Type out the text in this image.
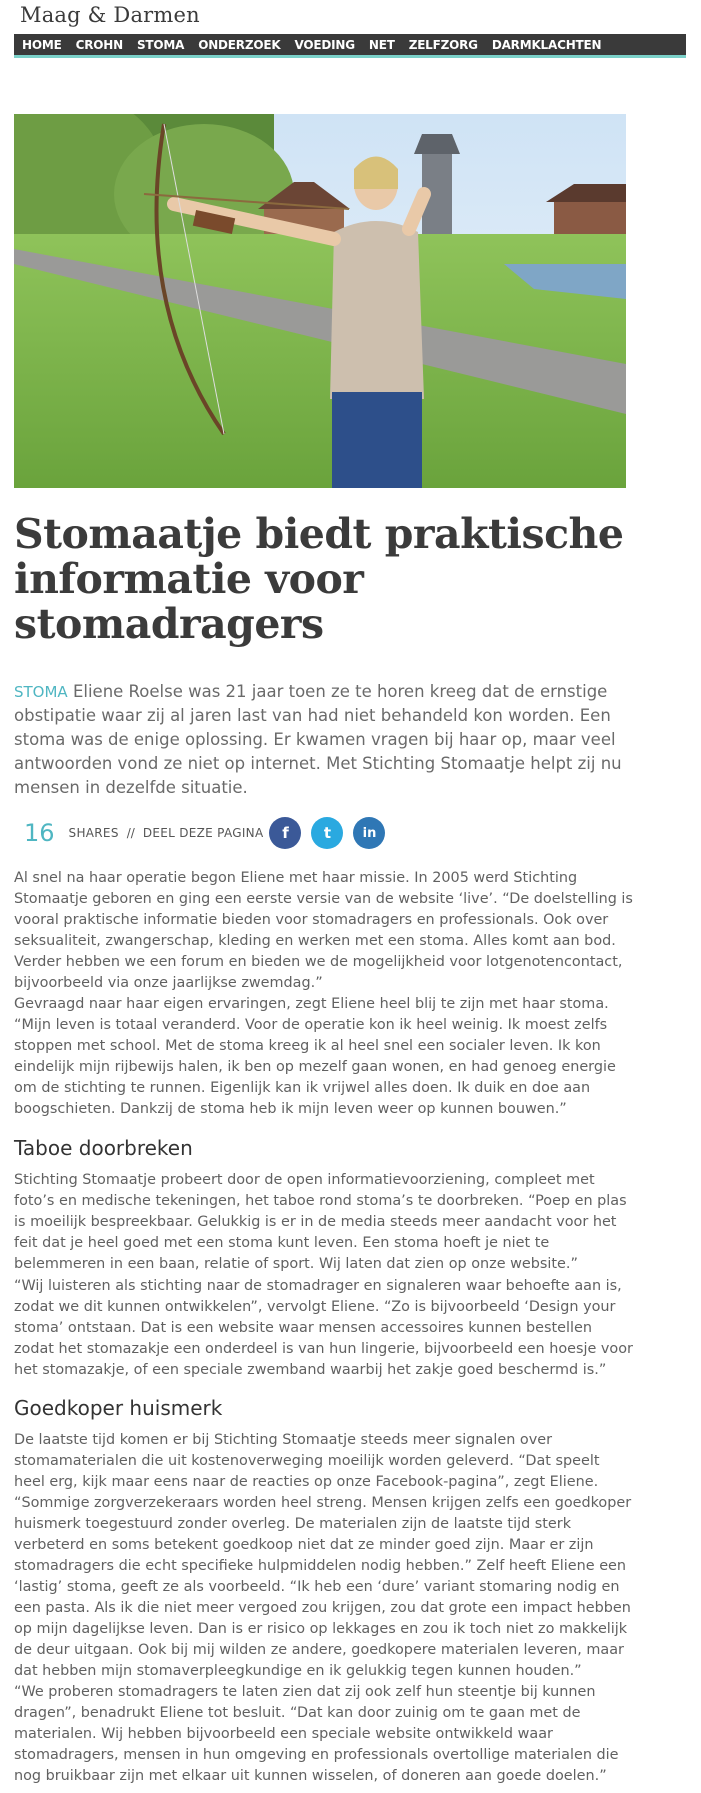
Maag & Darmen
HOME CROHN STOMA ONDERZOEK VOEDING NET ZELFZORG DARMKLACHTEN
Stomaatje biedt praktische informatie voor stomadragers

STOMA Eliene Roelse was 21 jaar toen ze te horen kreeg dat de ernstige obstipatie waar zij al jaren last van had niet behandeld kon worden. Een stoma was de enige oplossing. Er kwamen vragen bij haar op, maar veel antwoorden vond ze niet op internet. Met Stichting Stomaatje helpt zij nu mensen in dezelfde situatie.

16 SHARES // DEEL DEZE PAGINA f t in

Al snel na haar operatie begon Eliene met haar missie. In 2005 werd Stichting Stomaatje geboren en ging een eerste versie van de website ‘live’. “De doelstelling is vooral praktische informatie bieden voor stomadragers en professionals. Ook over seksualiteit, zwangerschap, kleding en werken met een stoma. Alles komt aan bod. Verder hebben we een forum en bieden we de mogelijkheid voor lotgenotencontact, bijvoorbeeld via onze jaarlijkse zwemdag.”

Gevraagd naar haar eigen ervaringen, zegt Eliene heel blij te zijn met haar stoma. “Mijn leven is totaal veranderd. Voor de operatie kon ik heel weinig. Ik moest zelfs stoppen met school. Met de stoma kreeg ik al heel snel een socialer leven. Ik kon eindelijk mijn rijbewijs halen, ik ben op mezelf gaan wonen, en had genoeg energie om de stichting te runnen. Eigenlijk kan ik vrijwel alles doen. Ik duik en doe aan boogschieten. Dankzij de stoma heb ik mijn leven weer op kunnen bouwen.”

Taboe doorbreken

Stichting Stomaatje probeert door de open informatievoorziening, compleet met foto’s en medische tekeningen, het taboe rond stoma’s te doorbreken. “Poep en plas is moeilijk bespreekbaar. Gelukkig is er in de media steeds meer aandacht voor het feit dat je heel goed met een stoma kunt leven. Een stoma hoeft je niet te belemmeren in een baan, relatie of sport. Wij laten dat zien op onze website.”

“Wij luisteren als stichting naar de stomadrager en signaleren waar behoefte aan is, zodat we dit kunnen ontwikkelen”, vervolgt Eliene. “Zo is bijvoorbeeld ‘Design your stoma’ ontstaan. Dat is een website waar mensen accessoires kunnen bestellen zodat het stomazakje een onderdeel is van hun lingerie, bijvoorbeeld een hoesje voor het stomazakje, of een speciale zwemband waarbij het zakje goed beschermd is.”

Goedkoper huismerk

De laatste tijd komen er bij Stichting Stomaatje steeds meer signalen over stomamaterialen die uit kostenoverweging moeilijk worden geleverd. “Dat speelt heel erg, kijk maar eens naar de reacties op onze Facebook-pagina”, zegt Eliene. “Sommige zorgverzekeraars worden heel streng. Mensen krijgen zelfs een goedkoper huismerk toegestuurd zonder overleg. De materialen zijn de laatste tijd sterk verbeterd en soms betekent goedkoop niet dat ze minder goed zijn. Maar er zijn stomadragers die echt specifieke hulpmiddelen nodig hebben.” Zelf heeft Eliene een ‘lastig’ stoma, geeft ze als voorbeeld. “Ik heb een ‘dure’ variant stomaring nodig en een pasta. Als ik die niet meer vergoed zou krijgen, zou dat grote een impact hebben op mijn dagelijkse leven. Dan is er risico op lekkages en zou ik toch niet zo makkelijk de deur uitgaan. Ook bij mij wilden ze andere, goedkopere materialen leveren, maar dat hebben mijn stomaverpleegkundige en ik gelukkig tegen kunnen houden.”

“We proberen stomadragers te laten zien dat zij ook zelf hun steentje bij kunnen dragen”, benadrukt Eliene tot besluit. “Dat kan door zuinig om te gaan met de materialen. Wij hebben bijvoorbeeld een speciale website ontwikkeld waar stomadragers, mensen in hun omgeving en professionals overtollige materialen die nog bruikbaar zijn met elkaar uit kunnen wisselen, of doneren aan goede doelen.”
